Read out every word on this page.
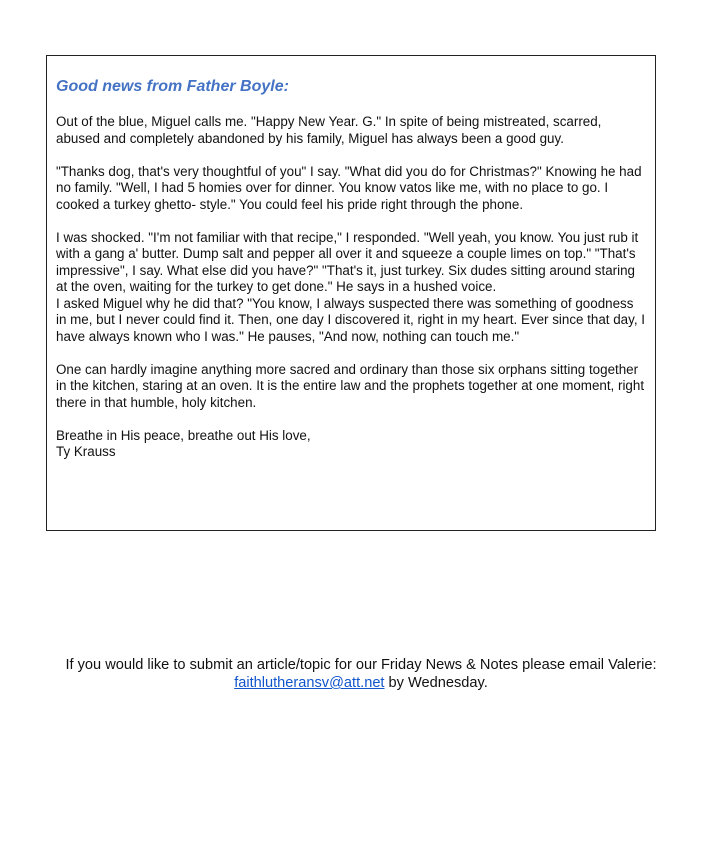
Good news from Father Boyle:

Out of the blue, Miguel calls me. "Happy New Year. G." In spite of being mistreated, scarred, abused and completely abandoned by his family, Miguel has always been a good guy.

"Thanks dog, that's very thoughtful of you" I say. "What did you do for Christmas?" Knowing he had no family. "Well, I had 5 homies over for dinner. You know vatos like me, with no place to go. I cooked a turkey ghetto- style." You could feel his pride right through the phone.

I was shocked. "I'm not familiar with that recipe," I responded. "Well yeah, you know. You just rub it with a gang a' butter. Dump salt and pepper all over it and squeeze a couple limes on top." "That's impressive", I say. What else did you have?" "That's it, just turkey. Six dudes sitting around staring at the oven, waiting for the turkey to get done." He says in a hushed voice.

I asked Miguel why he did that? "You know, I always suspected there was something of goodness in me, but I never could find it. Then, one day I discovered it, right in my heart. Ever since that day, I have always known who I was." He pauses, "And now, nothing can touch me."

One can hardly imagine anything more sacred and ordinary than those six orphans sitting together in the kitchen, staring at an oven. It is the entire law and the prophets together at one moment, right there in that humble, holy kitchen.

Breathe in His peace, breathe out His love,

Ty Krauss

If you would like to submit an article/topic for our Friday News & Notes please email Valerie:
faithlutheransv@att.net by Wednesday.
